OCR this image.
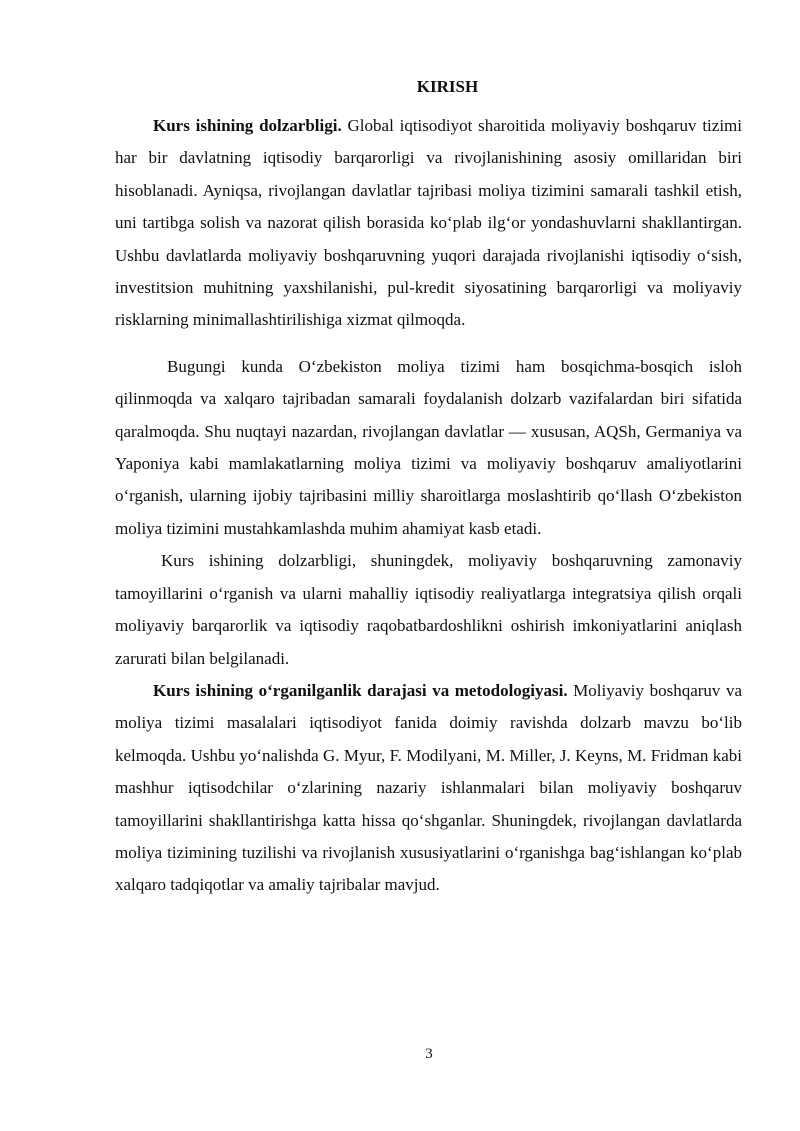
KIRISH

Kurs ishining dolzarbligi. Global iqtisodiyot sharoitida moliyaviy boshqaruv tizimi har bir davlatning iqtisodiy barqarorligi va rivojlanishining asosiy omillaridan biri hisoblanadi. Ayniqsa, rivojlangan davlatlar tajribasi moliya tizimini samarali tashkil etish, uni tartibga solish va nazorat qilish borasida ko‘plab ilg‘or yondashuvlarni shakllantirgan. Ushbu davlatlarda moliyaviy boshqaruvning yuqori darajada rivojlanishi iqtisodiy o‘sish, investitsion muhitning yaxshilanishi, pul-kredit siyosatining barqarorligi va moliyaviy risklarning minimallashtirilishiga xizmat qilmoqda.

Bugungi kunda O‘zbekiston moliya tizimi ham bosqichma-bosqich isloh qilinmoqda va xalqaro tajribadan samarali foydalanish dolzarb vazifalardan biri sifatida qaralmoqda. Shu nuqtayi nazardan, rivojlangan davlatlar — xususan, AQSh, Germaniya va Yaponiya kabi mamlakatlarning moliya tizimi va moliyaviy boshqaruv amaliyotlarini o‘rganish, ularning ijobiy tajribasini milliy sharoitlarga moslashtirib qo‘llash O‘zbekiston moliya tizimini mustahkamlashda muhim ahamiyat kasb etadi.

Kurs ishining dolzarbligi, shuningdek, moliyaviy boshqaruvning zamonaviy tamoyillarini o‘rganish va ularni mahalliy iqtisodiy realiyatlarga integratsiya qilish orqali moliyaviy barqarorlik va iqtisodiy raqobatbardoshlikni oshirish imkoniyatlarini aniqlash zarurati bilan belgilanadi.

Kurs ishining o‘rganilganlik darajasi va metodologiyasi. Moliyaviy boshqaruv va moliya tizimi masalalari iqtisodiyot fanida doimiy ravishda dolzarb mavzu bo‘lib kelmoqda. Ushbu yo‘nalishda G. Myur, F. Modilyani, M. Miller, J. Keyns, M. Fridman kabi mashhur iqtisodchilar o‘zlarining nazariy ishlanmalari bilan moliyaviy boshqaruv tamoyillarini shakllantirishga katta hissa qo‘shganlar. Shuningdek, rivojlangan davlatlarda moliya tizimining tuzilishi va rivojlanish xususiyatlarini o‘rganishga bag‘ishlangan ko‘plab xalqaro tadqiqotlar va amaliy tajribalar mavjud.

3
